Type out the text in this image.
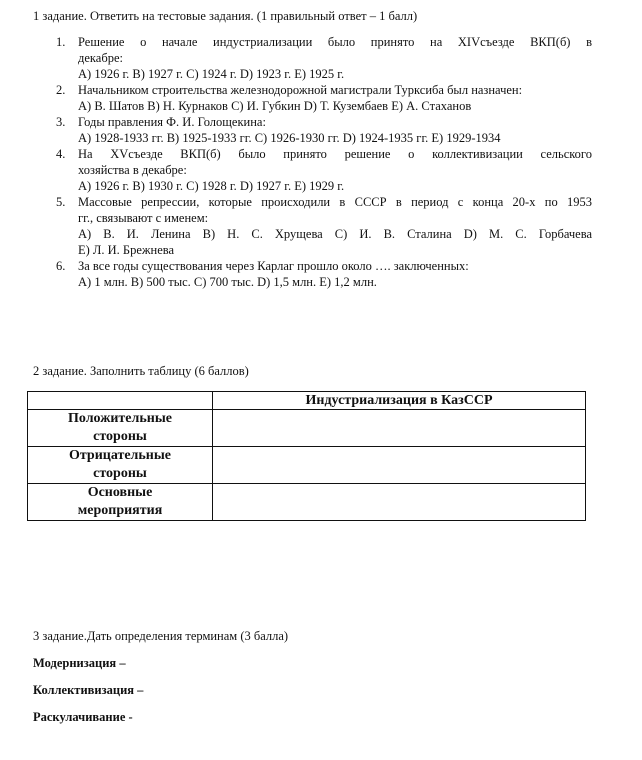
1 задание. Ответить на тестовые задания. (1 правильный ответ – 1 балл)
1. Решение о начале индустриализации было принято на XIVсъезде ВКП(б) в
декабре:
А) 1926 г. В) 1927 г. С) 1924 г. D) 1923 г. Е) 1925 г.
2. Начальником строительства железнодорожной магистрали Турксиба был назначен:
А) В. Шатов В) Н. Курнаков С) И. Губкин D) Т. Кузембаев Е) А. Стаханов
3. Годы правления Ф. И. Голощекина:
А) 1928-1933 гг. В) 1925-1933 гг. С) 1926-1930 гг. D) 1924-1935 гг. Е) 1929-1934
4. На XVсъезде ВКП(б) было принято решение о коллективизации сельского
хозяйства в декабре:
А) 1926 г. В) 1930 г. С) 1928 г. D) 1927 г. Е) 1929 г.
5. Массовые репрессии, которые происходили в СССР в период с конца 20-х по 1953
гг., связывают с именем:
А) В. И. Ленина В) Н. С. Хрущева С) И. В. Сталина D) М. С. Горбачева
Е) Л. И. Брежнева
6. За все годы существования через Карлаг прошло около …. заключенных:
А) 1 млн. В) 500 тыс. С) 700 тыс. D) 1,5 млн. Е) 1,2 млн.
2 задание. Заполнить таблицу (6 баллов)
	Индустриализация в КазССР

Положительные
стороны	

Отрицательные
стороны	

Основные
мероприятия	

3 задание.Дать определения терминам (3 балла)
Модернизация –
Коллективизация –
Раскулачивание -
